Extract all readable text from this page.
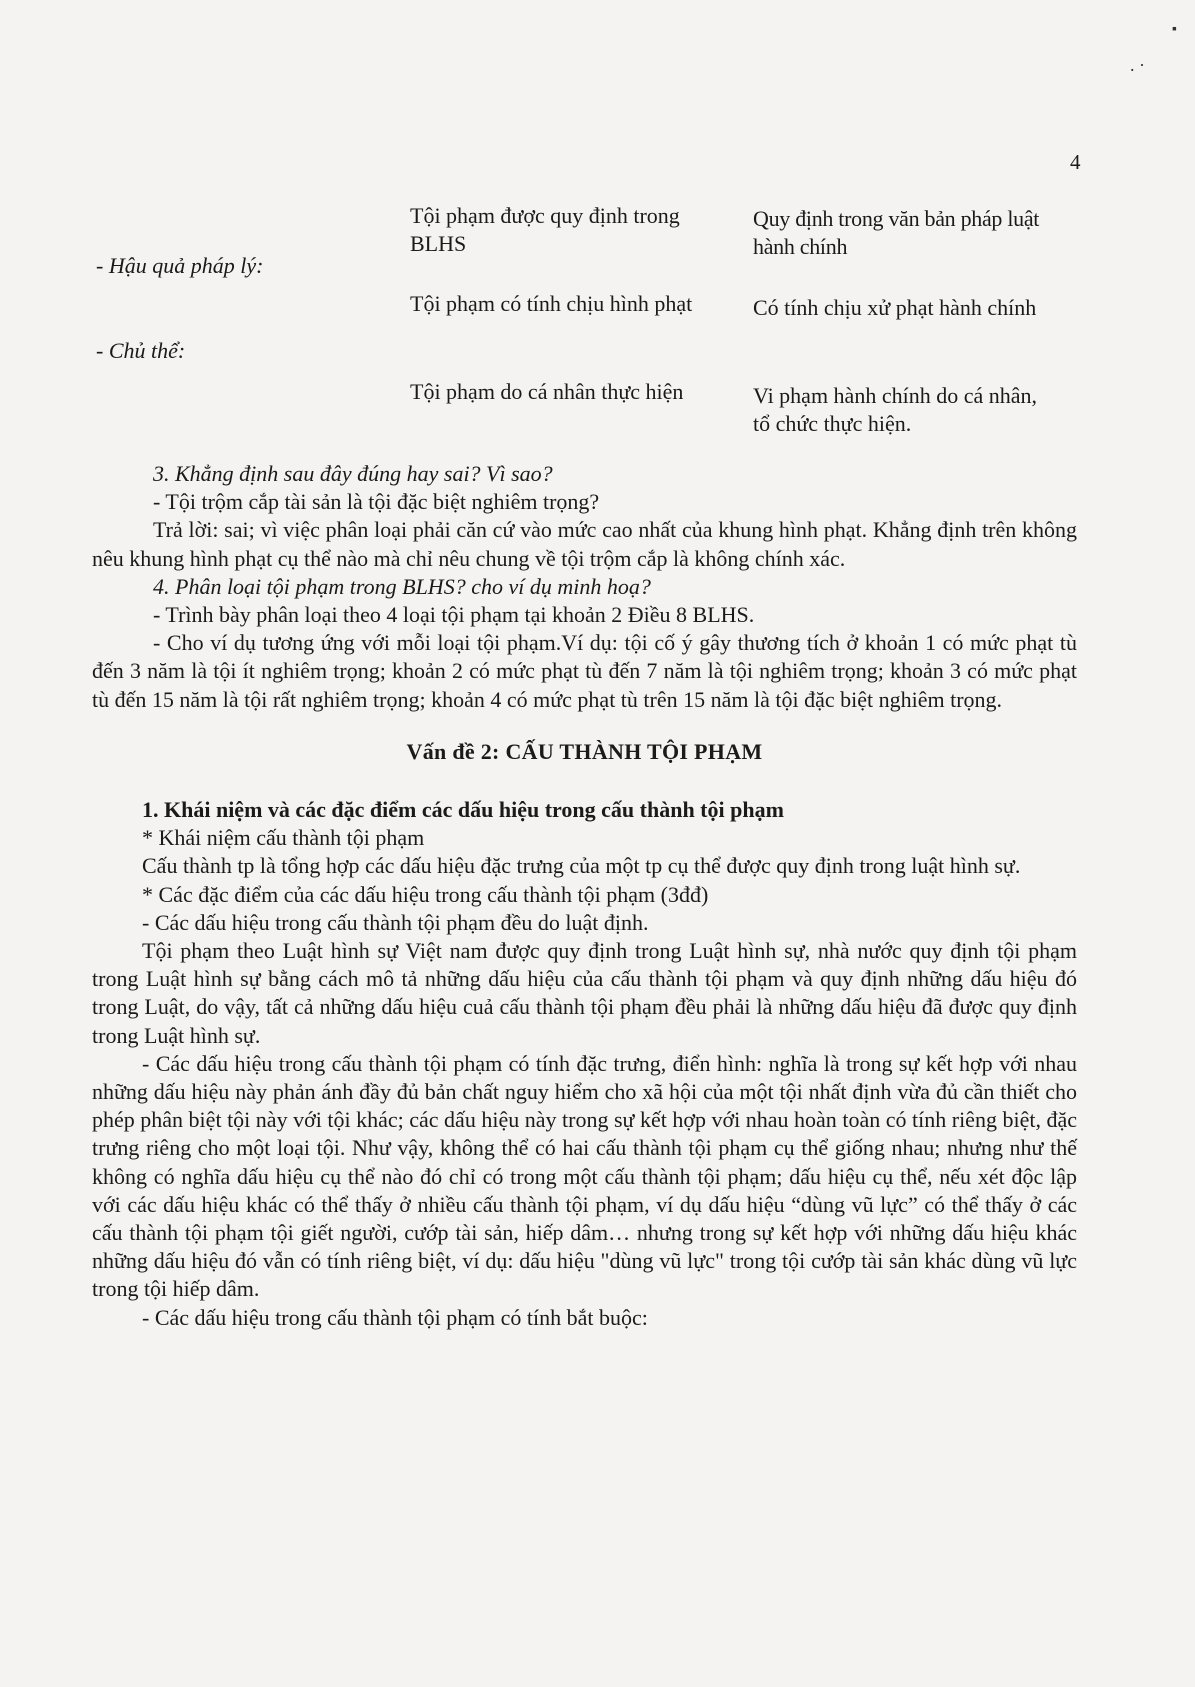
▪
. ·
4
- Hậu quả pháp lý:
- Chủ thể:
Tội phạm được quy định trong BLHS
Quy định trong văn bản pháp luật hành chính
Tội phạm có tính chịu hình phạt	Có tính chịu xử phạt hành chính
Tội phạm do cá nhân thực hiện	Vi phạm hành chính do cá nhân, tổ chức thực hiện.

3. Khẳng định sau đây đúng hay sai? Vì sao?

- Tội trộm cắp tài sản là tội đặc biệt nghiêm trọng?

Trả lời: sai; vì việc phân loại phải căn cứ vào mức cao nhất của khung hình phạt. Khẳng định trên không nêu khung hình phạt cụ thể nào mà chỉ nêu chung về tội trộm cắp là không chính xác.

4. Phân loại tội phạm trong BLHS? cho ví dụ minh hoạ?

- Trình bày phân loại theo 4 loại tội phạm tại khoản 2 Điều 8 BLHS.

- Cho ví dụ tương ứng với mỗi loại tội phạm.Ví dụ: tội cố ý gây thương tích ở khoản 1 có mức phạt tù đến 3 năm là tội ít nghiêm trọng; khoản 2 có mức phạt tù đến 7 năm là tội nghiêm trọng; khoản 3 có mức phạt tù đến 15 năm là tội rất nghiêm trọng; khoản 4 có mức phạt tù trên 15 năm là tội đặc biệt nghiêm trọng.

Vấn đề 2: CẤU THÀNH TỘI PHẠM

1. Khái niệm và các đặc điểm các dấu hiệu trong cấu thành tội phạm

* Khái niệm cấu thành tội phạm

Cấu thành tp là tổng hợp các dấu hiệu đặc trưng của một tp cụ thể được quy định trong luật hình sự.

* Các đặc điểm của các dấu hiệu trong cấu thành tội phạm (3đđ)

- Các dấu hiệu trong cấu thành tội phạm đều do luật định.

Tội phạm theo Luật hình sự Việt nam được quy định trong Luật hình sự, nhà nước quy định tội phạm trong Luật hình sự bằng cách mô tả những dấu hiệu của cấu thành tội phạm và quy định những dấu hiệu đó trong Luật, do vậy, tất cả những dấu hiệu cuả cấu thành tội phạm đều phải là những dấu hiệu đã được quy định trong Luật hình sự.

- Các dấu hiệu trong cấu thành tội phạm có tính đặc trưng, điển hình: nghĩa là trong sự kết hợp với nhau những dấu hiệu này phản ánh đầy đủ bản chất nguy hiểm cho xã hội của một tội nhất định vừa đủ cần thiết cho phép phân biệt tội này với tội khác; các dấu hiệu này trong sự kết hợp với nhau hoàn toàn có tính riêng biệt, đặc trưng riêng cho một loại tội. Như vậy, không thể có hai cấu thành tội phạm cụ thể giống nhau; nhưng như thế không có nghĩa dấu hiệu cụ thể nào đó chỉ có trong một cấu thành tội phạm; dấu hiệu cụ thể, nếu xét độc lập với các dấu hiệu khác có thể thấy ở nhiều cấu thành tội phạm, ví dụ dấu hiệu “dùng vũ lực” có thể thấy ở các cấu thành tội phạm tội giết người, cướp tài sản, hiếp dâm… nhưng trong sự kết hợp với những dấu hiệu khác những dấu hiệu đó vẫn có tính riêng biệt, ví dụ: dấu hiệu "dùng vũ lực" trong tội cướp tài sản khác dùng vũ lực trong tội hiếp dâm.

- Các dấu hiệu trong cấu thành tội phạm có tính bắt buộc:
